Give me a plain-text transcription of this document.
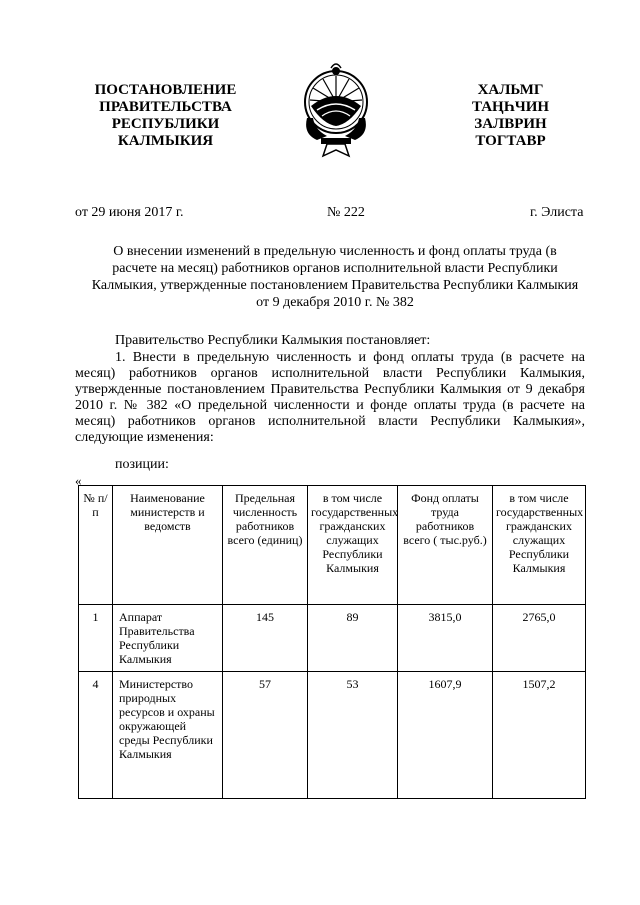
ПОСТАНОВЛЕНИЕ
ПРАВИТЕЛЬСТВА
РЕСПУБЛИКИ
КАЛМЫКИЯ
ХАЛЬМГ
ТАҢҺЧИН
ЗАЛВРИН
ТОГТАВР
от 29 июня 2017 г.	№ 222	г. Элиста
О внесении изменений в предельную численность и фонд оплаты труда (в расчете на месяц) работников органов исполнительной власти Республики Калмыкия, утвержденные постановлением Правительства Республики Калмыкия от 9 декабря 2010 г. № 382
Правительство Республики Калмыкия постановляет:
1. Внести в предельную численность и фонд оплаты труда (в расчете на месяц) работников органов исполнительной власти Республики Калмыкия, утвержденные постановлением Правительства Республики Калмыкия от 9 декабря 2010 г. № 382 «О предельной численности и фонде оплаты труда (в расчете на месяц) работников органов исполнительной власти Республики Калмыкия», следующие изменения:
позиции:
«
№ п/п	Наименование министерств и ведомств	Предельная численность работников всего (единиц)	в том числе государственных гражданских служащих Республики Калмыкия	Фонд оплаты труда работников всего ( тыс.руб.)	в том числе государственных гражданских служащих Республики Калмыкия
1	Аппарат Правительства Республики Калмыкия	145	89	3815,0	2765,0
4	Министерство природных ресурсов и охраны окружающей среды Республики Калмыкия	57	53	1607,9	1507,2
